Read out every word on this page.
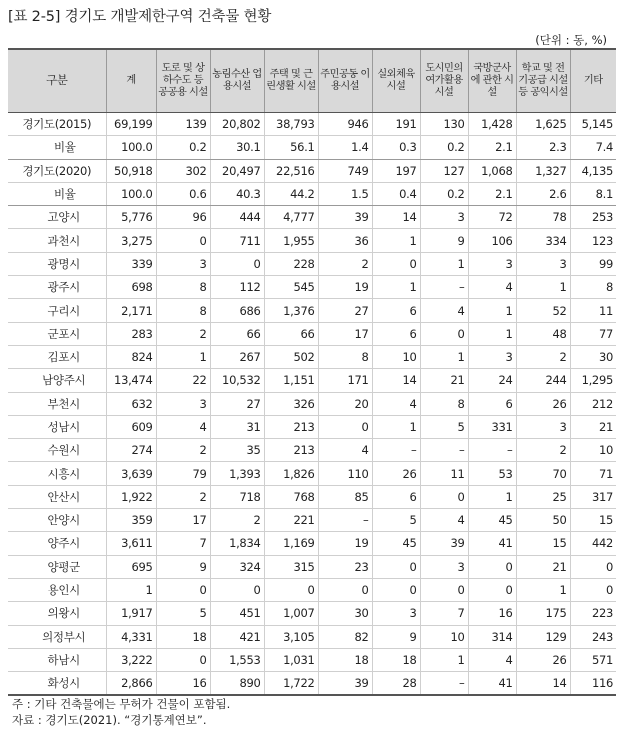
[표 2-5] 경기도 개발제한구역 건축물 현황
(단위 : 동, %)
구분	계	도로 및 상하수도 등 공공용 시설	농림수산 업용시설	주택 및 근린생활 시설	주민공동 이용시설	실외체육 시설	도시민의 여가활용 시설	국방군사 에 관한 시설	학교 및 전기공급 시설 등 공익시설	기타
경기도(2015)	69,199	139	20,802	38,793	946	191	130	1,428	1,625	5,145
비율	100.0	0.2	30.1	56.1	1.4	0.3	0.2	2.1	2.3	7.4
경기도(2020)	50,918	302	20,497	22,516	749	197	127	1,068	1,327	4,135
비율	100.0	0.6	40.3	44.2	1.5	0.4	0.2	2.1	2.6	8.1
고양시	5,776	96	444	4,777	39	14	3	72	78	253
과천시	3,275	0	711	1,955	36	1	9	106	334	123
광명시	339	3	0	228	2	0	1	3	3	99
광주시	698	8	112	545	19	1	–	4	1	8
구리시	2,171	8	686	1,376	27	6	4	1	52	11
군포시	283	2	66	66	17	6	0	1	48	77
김포시	824	1	267	502	8	10	1	3	2	30
남양주시	13,474	22	10,532	1,151	171	14	21	24	244	1,295
부천시	632	3	27	326	20	4	8	6	26	212
성남시	609	4	31	213	0	1	5	331	3	21
수원시	274	2	35	213	4	–	–	–	2	10
시흥시	3,639	79	1,393	1,826	110	26	11	53	70	71
안산시	1,922	2	718	768	85	6	0	1	25	317
안양시	359	17	2	221	–	5	4	45	50	15
양주시	3,611	7	1,834	1,169	19	45	39	41	15	442
양평군	695	9	324	315	23	0	3	0	21	0
용인시	1	0	0	0	0	0	0	0	1	0
의왕시	1,917	5	451	1,007	30	3	7	16	175	223
의정부시	4,331	18	421	3,105	82	9	10	314	129	243
하남시	3,222	0	1,553	1,031	18	18	1	4	26	571
화성시	2,866	16	890	1,722	39	28	–	41	14	116
주 : 기타 건축물에는 무허가 건물이 포함됨.
자료 : 경기도(2021). “경기통계연보”.
